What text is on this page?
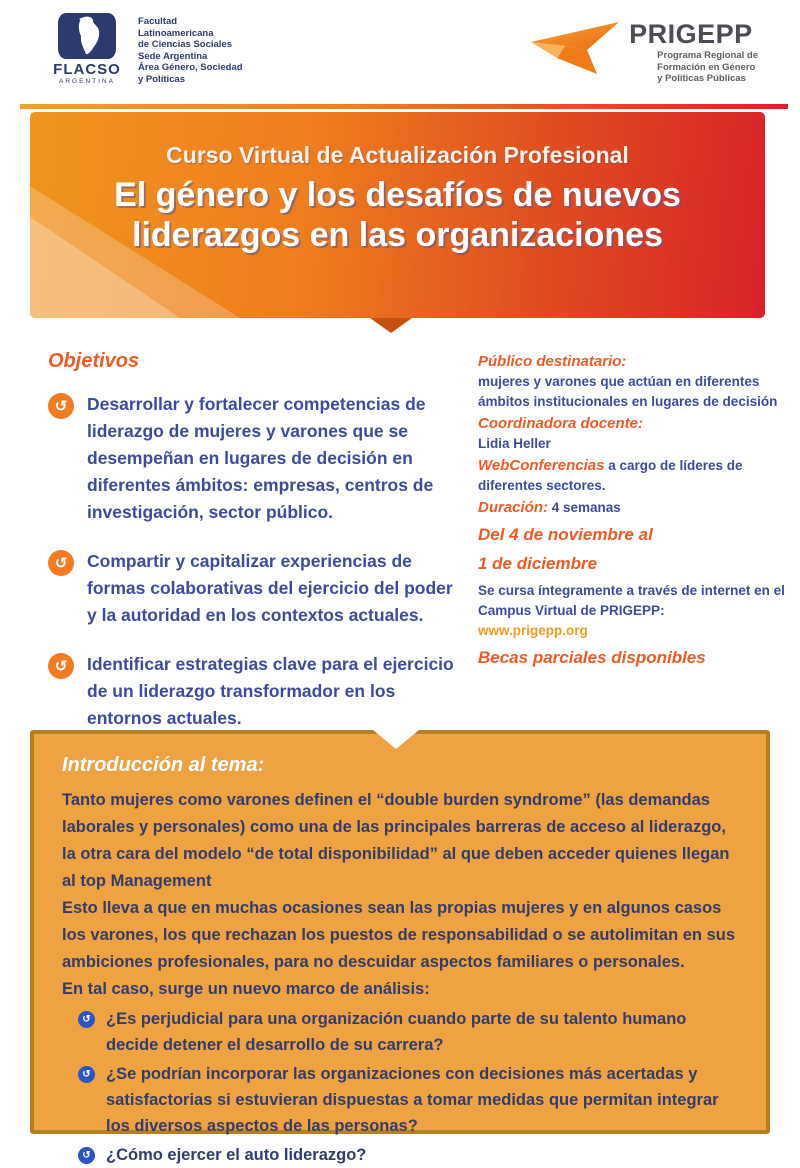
FLACSO
ARGENTINA
Facultad
Latinoamericana
de Ciencias Sociales
Sede Argentina
Área Género, Sociedad
y Políticas
PRIGEPP
Programa Regional de
Formación en Género
y Políticas Públicas
Curso Virtual de Actualización Profesional
El género y los desafíos de nuevos
liderazgos en las organizaciones
Objetivos
↺	Desarrollar y fortalecer competencias de liderazgo de mujeres y varones que se desempeñan en lugares de decisión en diferentes ámbitos: empresas, centros de investigación, sector público.
↺	Compartir y capitalizar experiencias de formas colaborativas del ejercicio del poder y la autoridad en los contextos actuales.
↺	Identificar estrategias clave para el ejercicio de un liderazgo transformador en los entornos actuales.
Público destinatario:
mujeres y varones que actúan en diferentes ámbitos institucionales en lugares de decisión
Coordinadora docente:
Lidia Heller
WebConferencias a cargo de líderes de diferentes sectores.
Duración: 4 semanas
Del 4 de noviembre al
1 de diciembre
Se cursa íntegramente a través de internet en el Campus Virtual de PRIGEPP:
www.prigepp.org
Becas parciales disponibles
Introducción al tema:
Tanto mujeres como varones definen el “double burden syndrome” (las demandas laborales y personales) como una de las principales barreras de acceso al liderazgo, la otra cara del modelo “de total disponibilidad” al que deben acceder quienes llegan al top Management
Esto lleva a que en muchas ocasiones sean las propias mujeres y en algunos casos los varones, los que rechazan los puestos de responsabilidad o se autolimitan en sus ambiciones profesionales, para no descuidar aspectos familiares o personales.
En tal caso, surge un nuevo marco de análisis:
↺ ¿Es perjudicial para una organización cuando parte de su talento humano decide detener el desarrollo de su carrera?
↺ ¿Se podrían incorporar las organizaciones con decisiones más acertadas y satisfactorias si estuvieran dispuestas a tomar medidas que permitan integrar los diversos aspectos de las personas?
↺ ¿Cómo ejercer el auto liderazgo?
